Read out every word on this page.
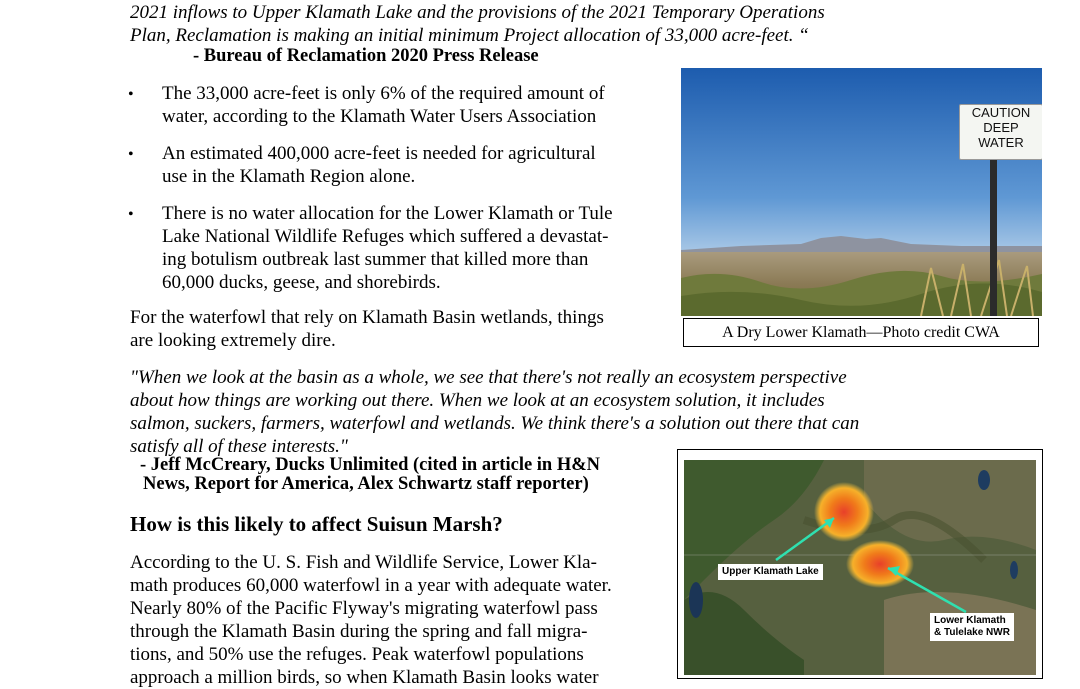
2021 inflows to Upper Klamath Lake and the provisions of the 2021 Temporary Operations
Plan, Reclamation is making an initial minimum Project allocation of 33,000 acre-feet. “
- Bureau of Reclamation 2020 Press Release
• The 33,000 acre-feet is only 6% of the required amount of
water, according to the Klamath Water Users Association
• An estimated 400,000 acre-feet is needed for agricultural
use in the Klamath Region alone.
• There is no water allocation for the Lower Klamath or Tule
Lake National Wildlife Refuges which suffered a devastat-
ing botulism outbreak last summer that killed more than
60,000 ducks, geese, and shorebirds.
For the waterfowl that rely on Klamath Basin wetlands, things
are looking extremely dire.
CAUTION
DEEP
WATER
A Dry Lower Klamath—Photo credit CWA
"When we look at the basin as a whole, we see that there's not really an ecosystem perspective
about how things are working out there. When we look at an ecosystem solution, it includes
salmon, suckers, farmers, waterfowl and wetlands. We think there's a solution out there that can
satisfy all of these interests."
- Jeff McCreary, Ducks Unlimited (cited in article in H&N
News, Report for America, Alex Schwartz staff reporter)
How is this likely to affect Suisun Marsh?
According to the U. S. Fish and Wildlife Service, Lower Kla-
math produces 60,000 waterfowl in a year with adequate water.
Nearly 80% of the Pacific Flyway's migrating waterfowl pass
through the Klamath Basin during the spring and fall migra-
tions, and 50% use the refuges. Peak waterfowl populations
approach a million birds, so when Klamath Basin looks water
Upper Klamath Lake
Lower Klamath
& Tulelake NWR
